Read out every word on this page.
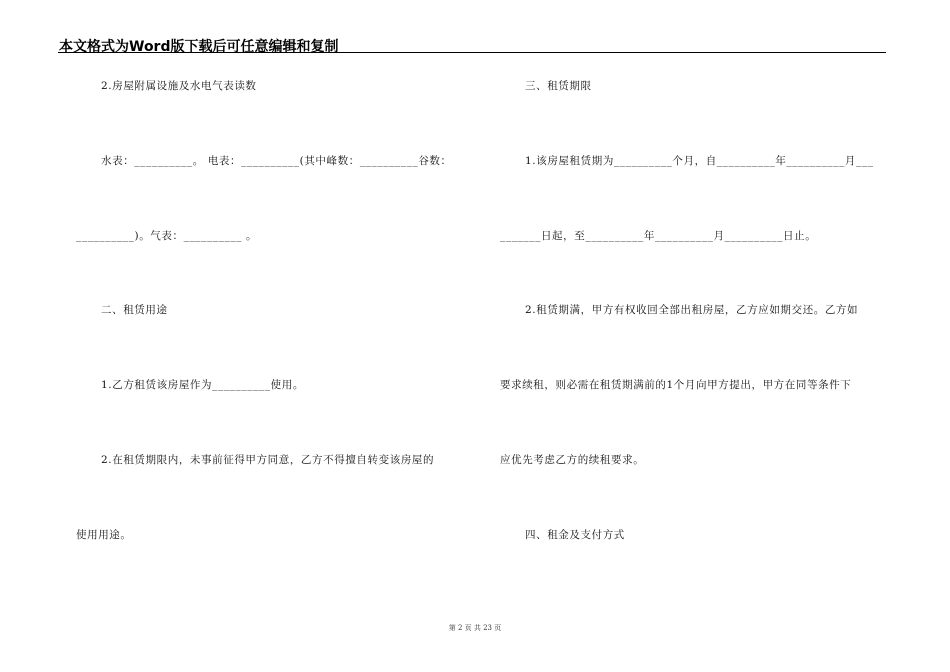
本文格式为Word版下载后可任意编辑和复制
2.房屋附属设施及水电气表读数
水表：__________。 电表：__________(其中峰数：__________谷数：
__________)。气表：__________ 。
二、租赁用途
1.乙方租赁该房屋作为__________使用。
2.在租赁期限内，未事前征得甲方同意，乙方不得擅自转变该房屋的
使用用途。
三、租赁期限
1.该房屋租赁期为__________个月，自__________年__________月___
_______日起，至__________年__________月__________日止。
2.租赁期满，甲方有权收回全部出租房屋，乙方应如期交还。乙方如
要求续租，则必需在租赁期满前的1个月向甲方提出，甲方在同等条件下
应优先考虑乙方的续租要求。
四、租金及支付方式
第 2 页 共 23 页
